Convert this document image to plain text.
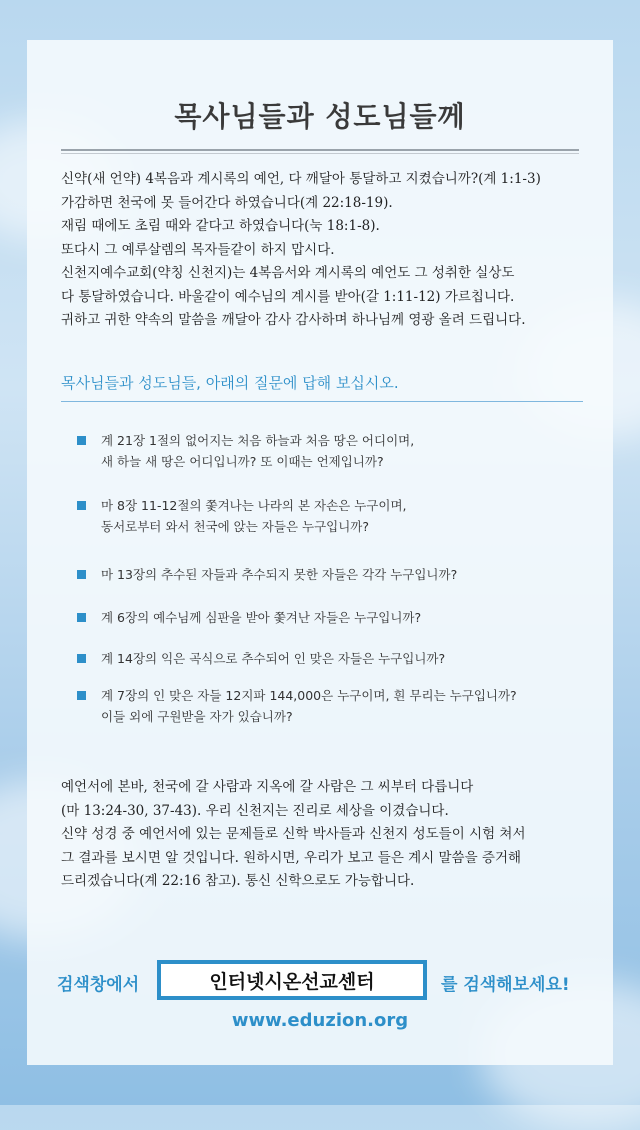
목사님들과 성도님들께
신약(새 언약) 4복음과 계시록의 예언, 다 깨달아 통달하고 지켰습니까?(계 1:1-3)
가감하면 천국에 못 들어간다 하였습니다(계 22:18-19).
재림 때에도 초림 때와 같다고 하였습니다(눅 18:1-8).
또다시 그 예루살렘의 목자들같이 하지 맙시다.
신천지예수교회(약칭 신천지)는 4복음서와 계시록의 예언도 그 성취한 실상도
다 통달하였습니다. 바울같이 예수님의 계시를 받아(갈 1:11-12) 가르칩니다.
귀하고 귀한 약속의 말씀을 깨달아 감사 감사하며 하나님께 영광 올려 드립니다.
목사님들과 성도님들, 아래의 질문에 답해 보십시오.
계 21장 1절의 없어지는 처음 하늘과 처음 땅은 어디이며,
새 하늘 새 땅은 어디입니까? 또 이때는 언제입니까?
마 8장 11-12절의 쫓겨나는 나라의 본 자손은 누구이며,
동서로부터 와서 천국에 앉는 자들은 누구입니까?
마 13장의 추수된 자들과 추수되지 못한 자들은 각각 누구입니까?
계 6장의 예수님께 심판을 받아 쫓겨난 자들은 누구입니까?
계 14장의 익은 곡식으로 추수되어 인 맞은 자들은 누구입니까?
계 7장의 인 맞은 자들 12지파 144,000은 누구이며, 흰 무리는 누구입니까?
이들 외에 구원받을 자가 있습니까?
예언서에 본바, 천국에 갈 사람과 지옥에 갈 사람은 그 씨부터 다릅니다
(마 13:24-30, 37-43). 우리 신천지는 진리로 세상을 이겼습니다.
신약 성경 중 예언서에 있는 문제들로 신학 박사들과 신천지 성도들이 시험 쳐서
그 결과를 보시면 알 것입니다. 원하시면, 우리가 보고 들은 계시 말씀을 증거해
드리겠습니다(계 22:16 참고). 통신 신학으로도 가능합니다.
검색창에서	인터넷시온선교센터	를 검색해보세요!
www.eduzion.org
